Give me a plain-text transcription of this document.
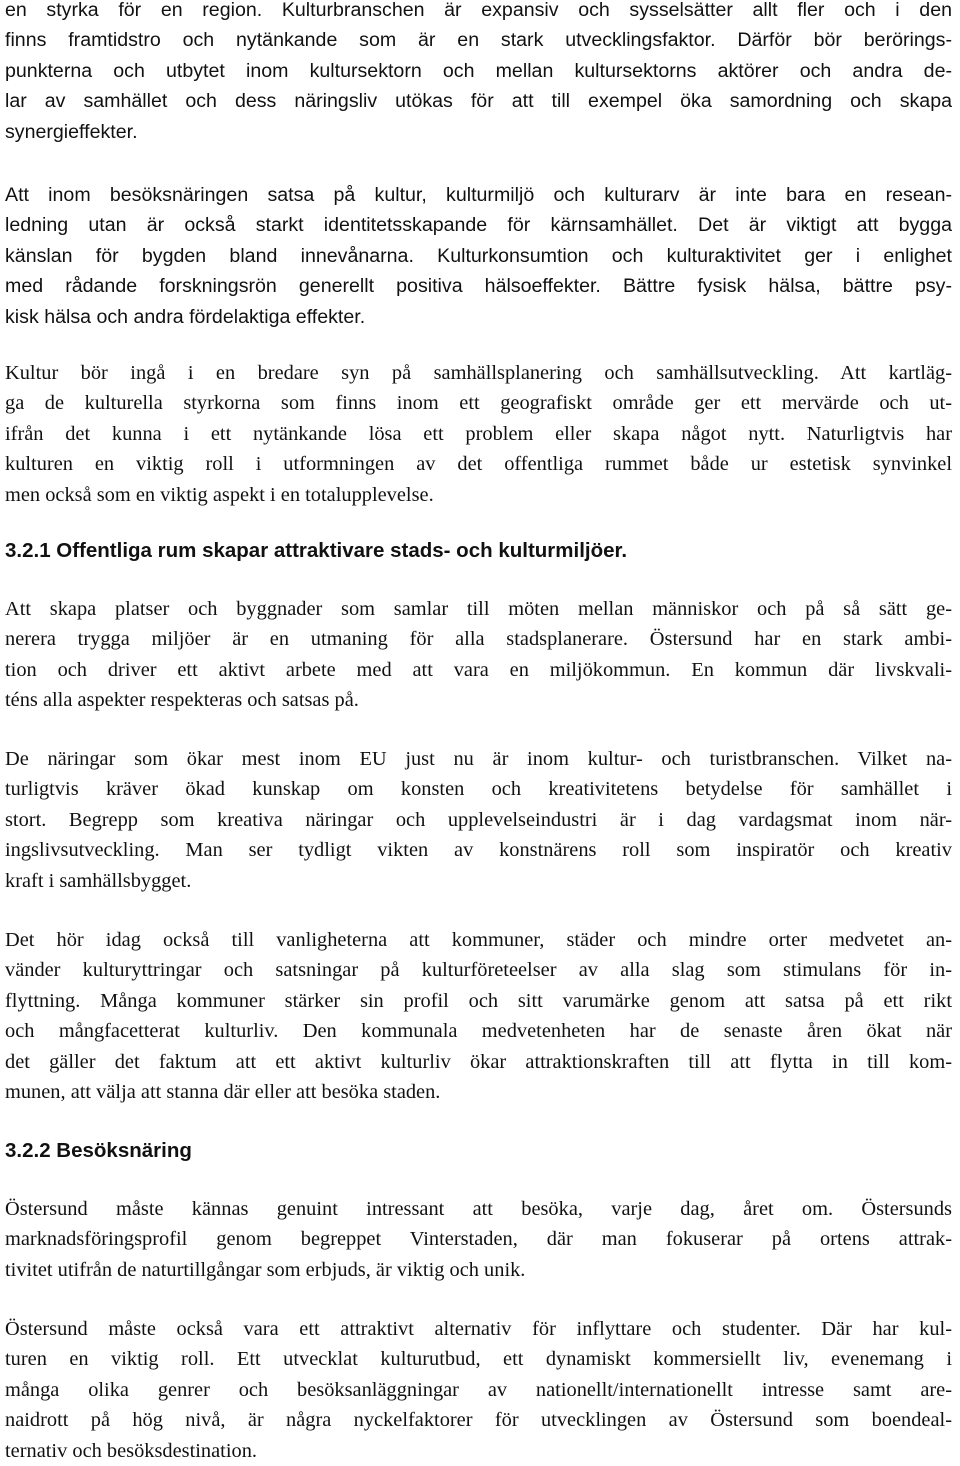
en styrka för en region. Kulturbranschen är expansiv och sysselsätter allt fler och i den
finns framtidstro och nytänkande som är en stark utvecklingsfaktor. Därför bör berörings-
punkterna och utbytet inom kultursektorn och mellan kultursektorns aktörer och andra de-
lar av samhället och dess näringsliv utökas för att till exempel öka samordning och skapa
synergieffekter.
Att inom besöksnäringen satsa på kultur, kulturmiljö och kulturarv är inte bara en resean-
ledning utan är också starkt identitetsskapande för kärnsamhället. Det är viktigt att bygga
känslan för bygden bland innevånarna. Kulturkonsumtion och kulturaktivitet ger i enlighet
med rådande forskningsrön generellt positiva hälsoeffekter. Bättre fysisk hälsa, bättre psy-
kisk hälsa och andra fördelaktiga effekter.
Kultur bör ingå i en bredare syn på samhällsplanering och samhällsutveckling. Att kartläg-
ga de kulturella styrkorna som finns inom ett geografiskt område ger ett mervärde och ut-
ifrån det kunna i ett nytänkande lösa ett problem eller skapa något nytt. Naturligtvis har
kulturen en viktig roll i utformningen av det offentliga rummet både ur estetisk synvinkel
men också som en viktig aspekt i en totalupplevelse.
3.2.1 Offentliga rum skapar attraktivare stads- och kulturmiljöer.
Att skapa platser och byggnader som samlar till möten mellan människor och på så sätt ge-
nerera trygga miljöer är en utmaning för alla stadsplanerare. Östersund har en stark ambi-
tion och driver ett aktivt arbete med att vara en miljökommun. En kommun där livskvali-
téns alla aspekter respekteras och satsas på.
De näringar som ökar mest inom EU just nu är inom kultur- och turistbranschen. Vilket na-
turligtvis kräver ökad kunskap om konsten och kreativitetens betydelse för samhället i
stort. Begrepp som kreativa näringar och upplevelseindustri är i dag vardagsmat inom när-
ingslivsutveckling. Man ser tydligt vikten av konstnärens roll som inspiratör och kreativ
kraft i samhällsbygget.
Det hör idag också till vanligheterna att kommuner, städer och mindre orter medvetet an-
vänder kulturyttringar och satsningar på kulturföreteelser av alla slag som stimulans för in-
flyttning. Många kommuner stärker sin profil och sitt varumärke genom att satsa på ett rikt
och mångfacetterat kulturliv. Den kommunala medvetenheten har de senaste åren ökat när
det gäller det faktum att ett aktivt kulturliv ökar attraktionskraften till att flytta in till kom-
munen, att välja att stanna där eller att besöka staden.
3.2.2 Besöksnäring
Östersund måste kännas genuint intressant att besöka, varje dag, året om. Östersunds
marknadsföringsprofil genom begreppet Vinterstaden, där man fokuserar på ortens attrak-
tivitet utifrån de naturtillgångar som erbjuds, är viktig och unik.
Östersund måste också vara ett attraktivt alternativ för inflyttare och studenter. Där har kul-
turen en viktig roll. Ett utvecklat kulturutbud, ett dynamiskt kommersiellt liv, evenemang i
många olika genrer och besöksanläggningar av nationellt/internationellt intresse samt are-
naidrott på hög nivå, är några nyckelfaktorer för utvecklingen av Östersund som boendeal-
ternativ och besöksdestination.
